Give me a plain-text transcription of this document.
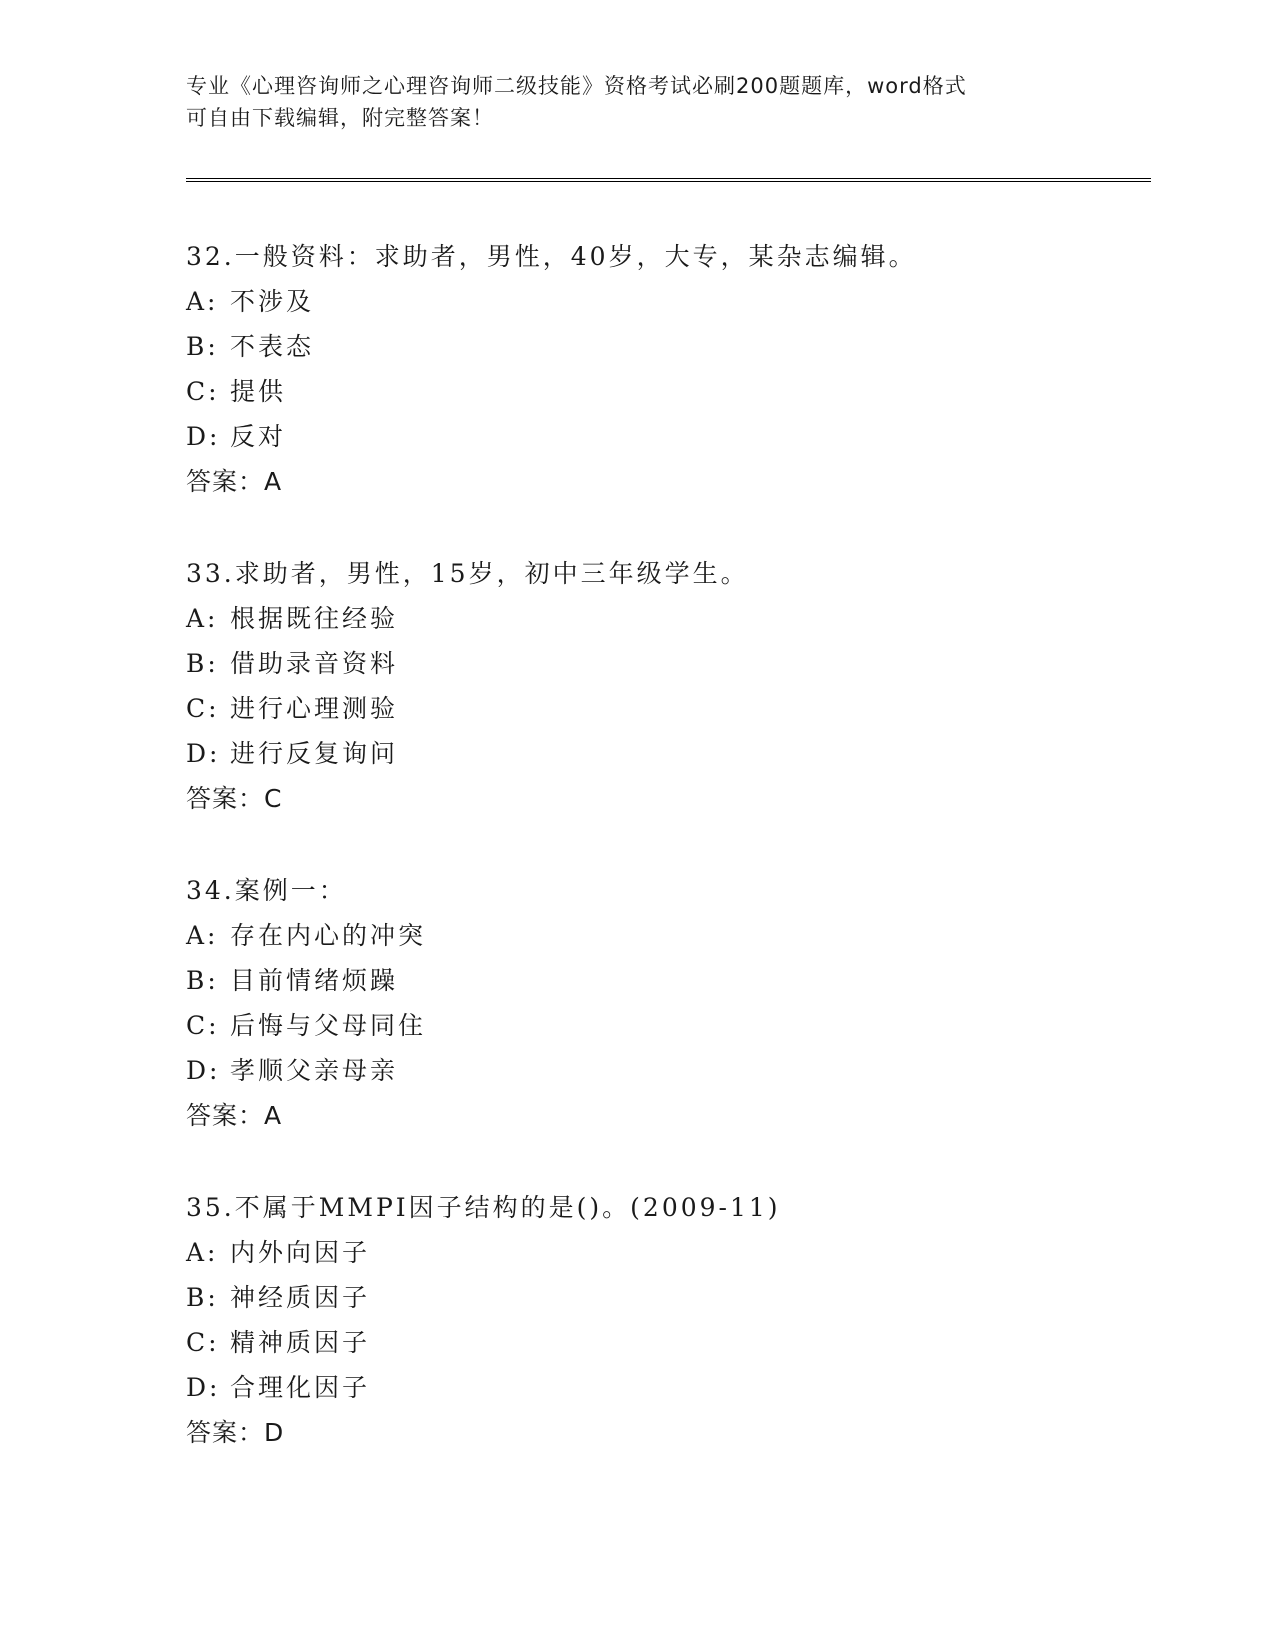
专业《心理咨询师之心理咨询师二级技能》资格考试必刷200题题库，word格式
可自由下载编辑，附完整答案！
32.一般资料：求助者，男性，40岁，大专，某杂志编辑。
A: 不涉及
B: 不表态
C: 提供
D: 反对
答案：A
33.求助者，男性，15岁，初中三年级学生。
A: 根据既往经验
B: 借助录音资料
C: 进行心理测验
D: 进行反复询问
答案：C
34.案例一：
A: 存在内心的冲突
B: 目前情绪烦躁
C: 后悔与父母同住
D: 孝顺父亲母亲
答案：A
35.不属于MMPI因子结构的是()。(2009-11)
A: 内外向因子
B: 神经质因子
C: 精神质因子
D: 合理化因子
答案：D
